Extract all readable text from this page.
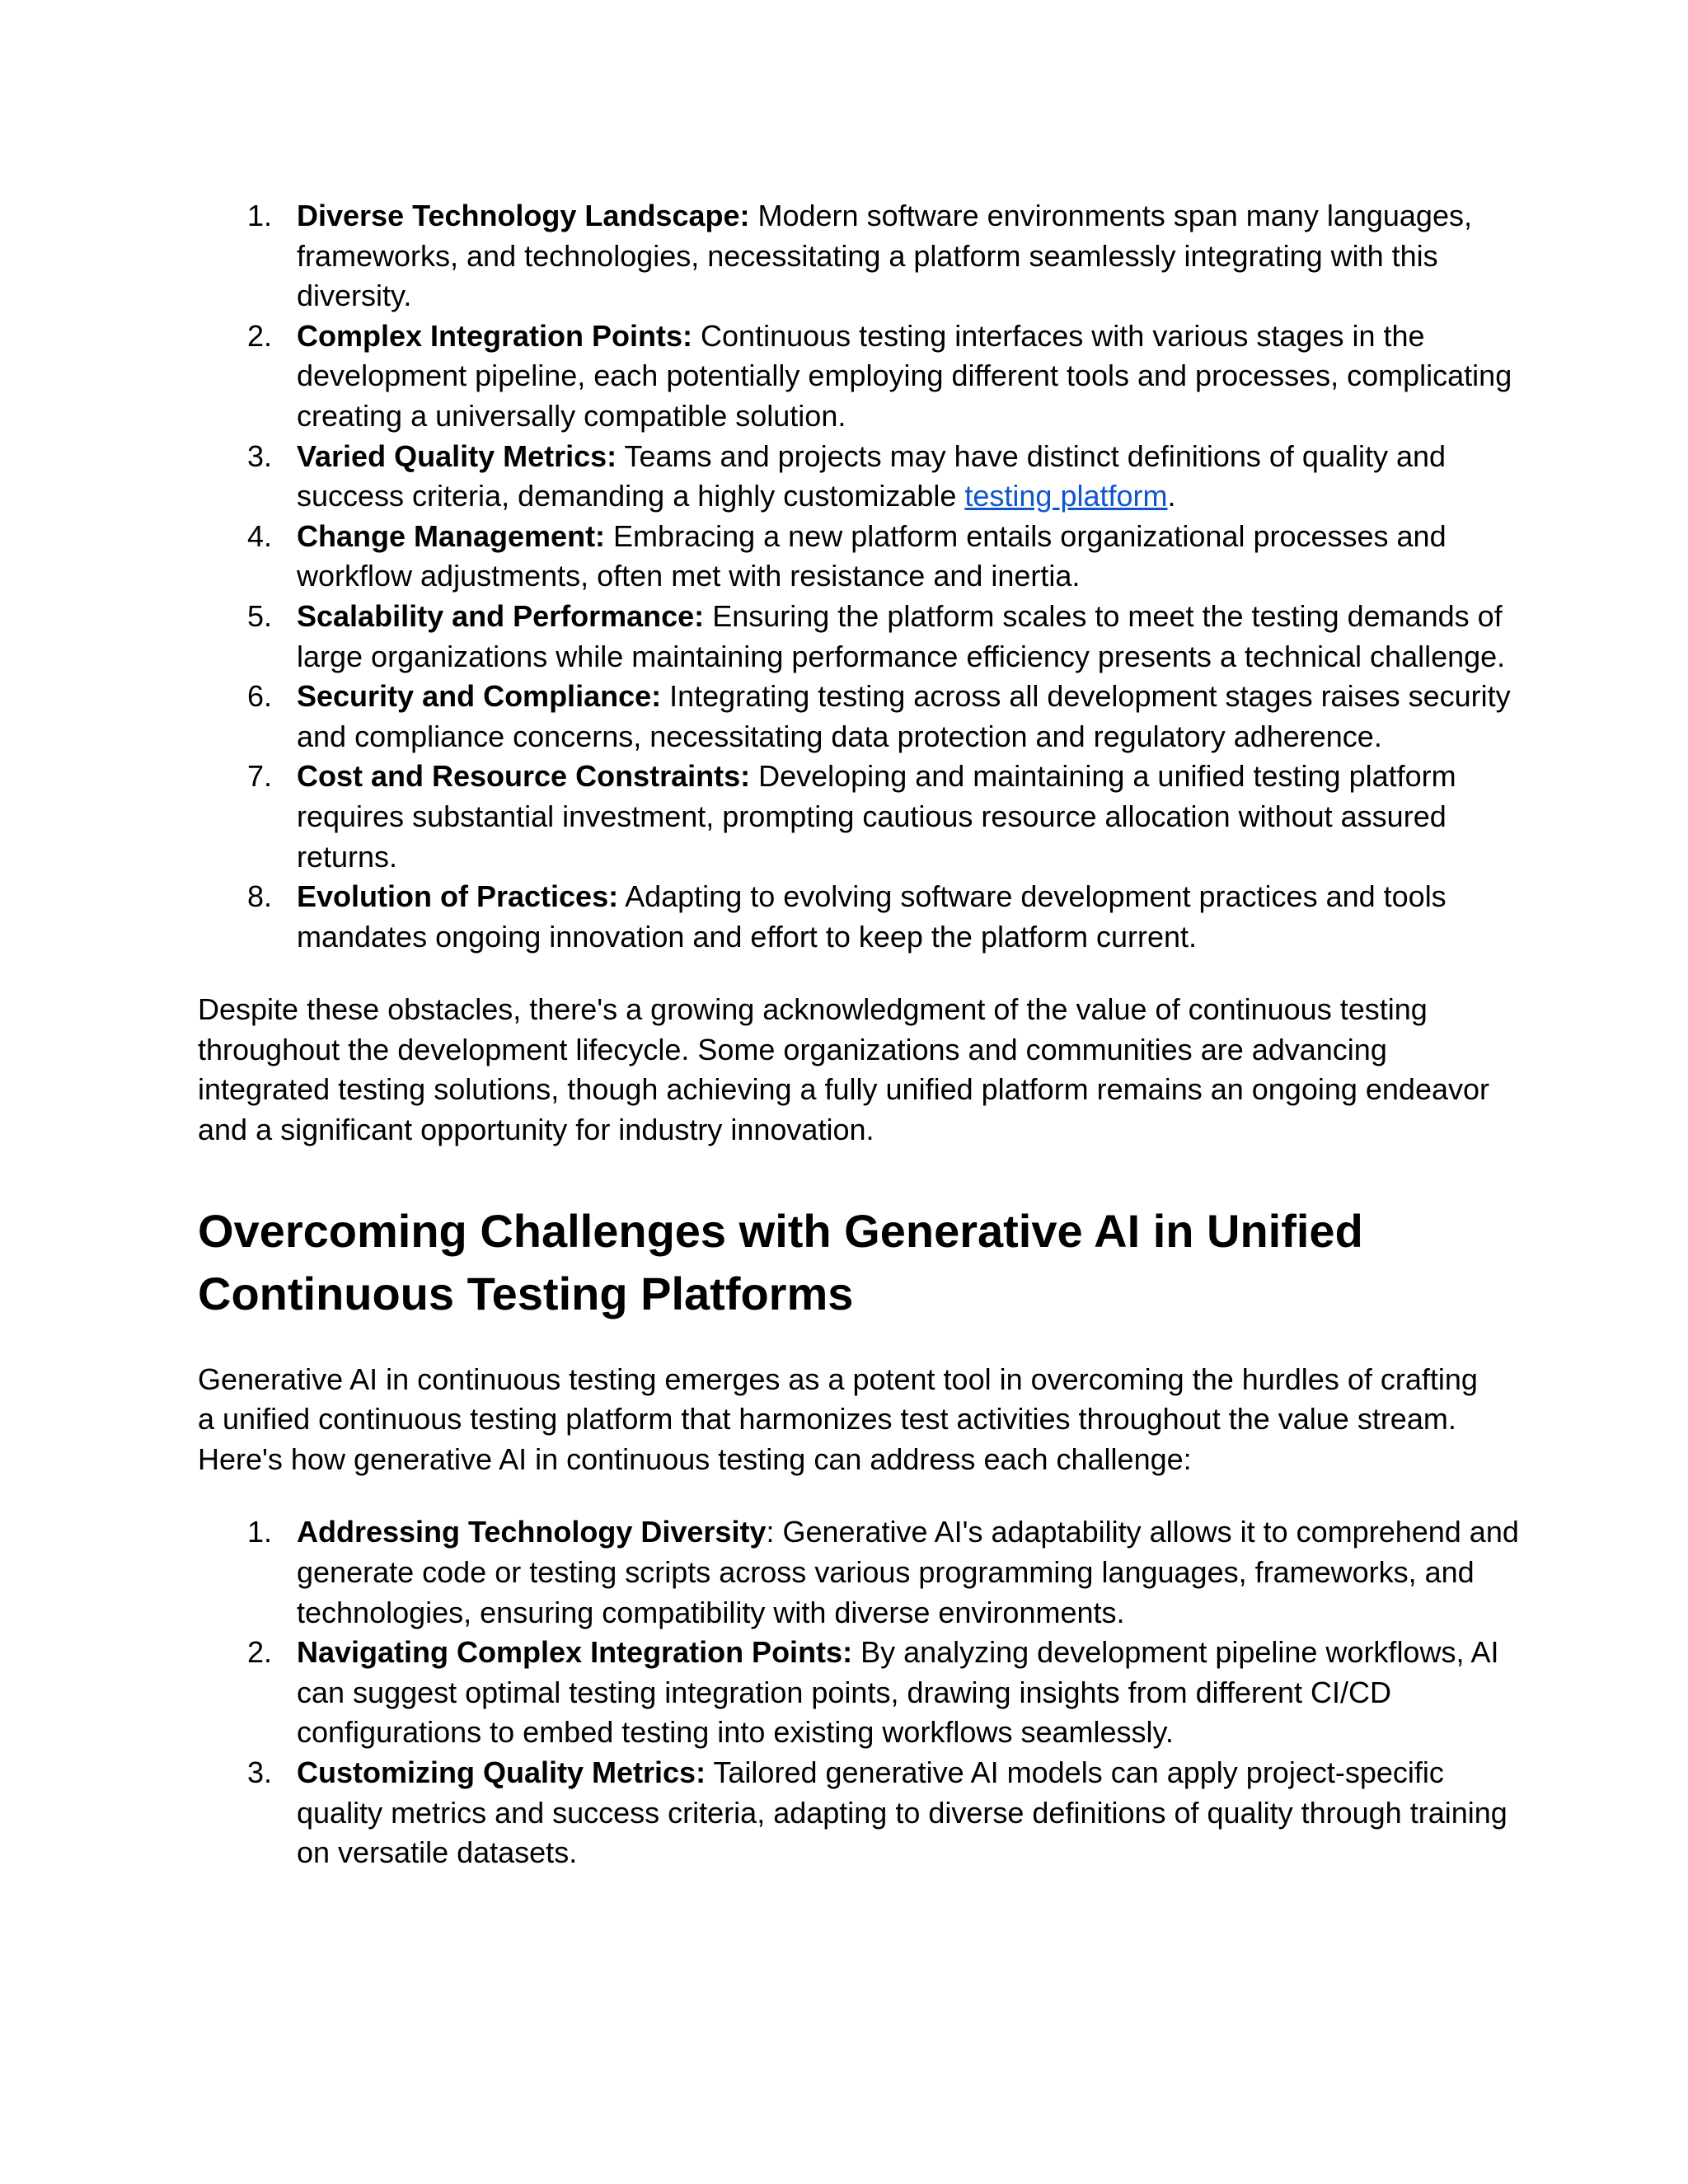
1. Diverse Technology Landscape: Modern software environments span many languages, frameworks, and technologies, necessitating a platform seamlessly integrating with this diversity.
2. Complex Integration Points: Continuous testing interfaces with various stages in the development pipeline, each potentially employing different tools and processes, complicating creating a universally compatible solution.
3. Varied Quality Metrics: Teams and projects may have distinct definitions of quality and success criteria, demanding a highly customizable testing platform.
4. Change Management: Embracing a new platform entails organizational processes and workflow adjustments, often met with resistance and inertia.
5. Scalability and Performance: Ensuring the platform scales to meet the testing demands of large organizations while maintaining performance efficiency presents a technical challenge.
6. Security and Compliance: Integrating testing across all development stages raises security and compliance concerns, necessitating data protection and regulatory adherence.
7. Cost and Resource Constraints: Developing and maintaining a unified testing platform requires substantial investment, prompting cautious resource allocation without assured returns.
8. Evolution of Practices: Adapting to evolving software development practices and tools mandates ongoing innovation and effort to keep the platform current.

Despite these obstacles, there's a growing acknowledgment of the value of continuous testing throughout the development lifecycle. Some organizations and communities are advancing integrated testing solutions, though achieving a fully unified platform remains an ongoing endeavor and a significant opportunity for industry innovation.

Overcoming Challenges with Generative AI in Unified Continuous Testing Platforms

Generative AI in continuous testing emerges as a potent tool in overcoming the hurdles of crafting a unified continuous testing platform that harmonizes test activities throughout the value stream. Here's how generative AI in continuous testing can address each challenge:

1. Addressing Technology Diversity: Generative AI's adaptability allows it to comprehend and generate code or testing scripts across various programming languages, frameworks, and technologies, ensuring compatibility with diverse environments.
2. Navigating Complex Integration Points: By analyzing development pipeline workflows, AI can suggest optimal testing integration points, drawing insights from different CI/CD configurations to embed testing into existing workflows seamlessly.
3. Customizing Quality Metrics: Tailored generative AI models can apply project-specific quality metrics and success criteria, adapting to diverse definitions of quality through training on versatile datasets.
